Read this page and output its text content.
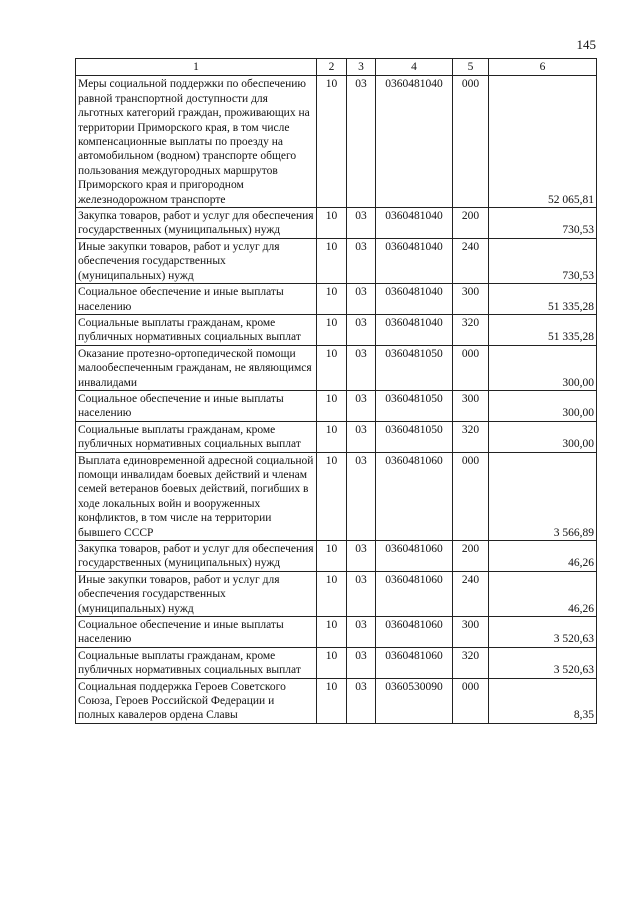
145
1	2	3	4	5	6
Меры социальной поддержки по обеспечению равной транспортной доступности для льготных категорий граждан, проживающих на территории Приморского края, в том числе компенсационные выплаты по проезду на автомобильном (водном) транспорте общего пользования междугородных маршрутов Приморского края и пригородном железнодорожном транспорте	10	03	0360481040	000	52 065,81
Закупка товаров, работ и услуг для обеспечения государственных (муниципальных) нужд	10	03	0360481040	200	730,53
Иные закупки товаров, работ и услуг для обеспечения государственных (муниципальных) нужд	10	03	0360481040	240	730,53
Социальное обеспечение и иные выплаты населению	10	03	0360481040	300	51 335,28
Социальные выплаты гражданам, кроме публичных нормативных социальных выплат	10	03	0360481040	320	51 335,28
Оказание протезно-ортопедической помощи малообеспеченным гражданам, не являющимся инвалидами	10	03	0360481050	000	300,00
Социальное обеспечение и иные выплаты населению	10	03	0360481050	300	300,00
Социальные выплаты гражданам, кроме публичных нормативных социальных выплат	10	03	0360481050	320	300,00
Выплата единовременной адресной социальной помощи инвалидам боевых действий и членам семей ветеранов боевых действий, погибших в ходе локальных войн и вооруженных конфликтов, в том числе на территории бывшего СССР	10	03	0360481060	000	3 566,89
Закупка товаров, работ и услуг для обеспечения государственных (муниципальных) нужд	10	03	0360481060	200	46,26
Иные закупки товаров, работ и услуг для обеспечения государственных (муниципальных) нужд	10	03	0360481060	240	46,26
Социальное обеспечение и иные выплаты населению	10	03	0360481060	300	3 520,63
Социальные выплаты гражданам, кроме публичных нормативных социальных выплат	10	03	0360481060	320	3 520,63
Социальная поддержка Героев Советского Союза, Героев Российской Федерации и полных кавалеров ордена Славы	10	03	0360530090	000	8,35
